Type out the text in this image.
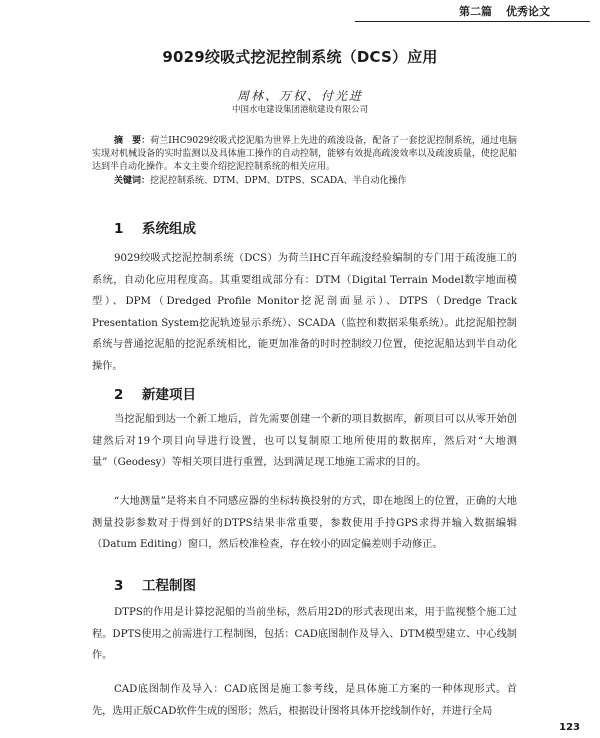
第二篇 优秀论文
9029绞吸式挖泥控制系统（DCS）应用
周林、万权、付光进
中国水电建设集团港航建设有限公司

摘　要：荷兰IHC9029绞吸式挖泥船为世界上先进的疏浚设备，配备了一套挖泥控制系统，通过电脑实现对机械设备的实时监测以及具体施工操作的自动控制，能够有效提高疏浚效率以及疏浚质量，使挖泥船达到半自动化操作。本文主要介绍挖泥控制系统的相关应用。

关键词：挖泥控制系统、DTM、DPM、DTPS、SCADA、半自动化操作

1 系统组成

9029绞吸式挖泥控制系统（DCS）为荷兰IHC百年疏浚经验编制的专门用于疏浚施工的系统，自动化应用程度高。其重要组成部分有：DTM（Digital Terrain Model数字地面模型）、DPM（Dredged Profile Monitor挖泥剖面显示）、DTPS（Dredge Track Presentation System挖泥轨迹显示系统）、SCADA（监控和数据采集系统）。此挖泥船控制系统与普通挖泥船的挖泥系统相比，能更加准备的时时控制绞刀位置，使挖泥船达到半自动化操作。

2 新建项目

当挖泥船到达一个新工地后，首先需要创建一个新的项目数据库，新项目可以从零开始创建然后对19个项目向导进行设置，也可以复制原工地所使用的数据库，然后对“大地测量”（Geodesy）等相关项目进行重置，达到满足现工地施工需求的目的。

“大地测量”是将来自不同感应器的坐标转换投射的方式，即在地图上的位置，正确的大地测量投影参数对于得到好的DTPS结果非常重要，参数使用手持GPS求得并输入数据编辑（Datum Editing）窗口，然后校准检查，存在较小的固定偏差则手动修正。

3 工程制图

DTPS的作用是计算挖泥船的当前坐标，然后用2D的形式表现出来，用于监视整个施工过程。DPTS使用之前需进行工程制图，包括：CAD底图制作及导入、DTM模型建立、中心线制作。

CAD底图制作及导入：CAD底图是施工参考线，是具体施工方案的一种体现形式。首先，选用正版CAD软件生成的图形；然后，根据设计图将具体开挖线制作好，并进行全局

123
